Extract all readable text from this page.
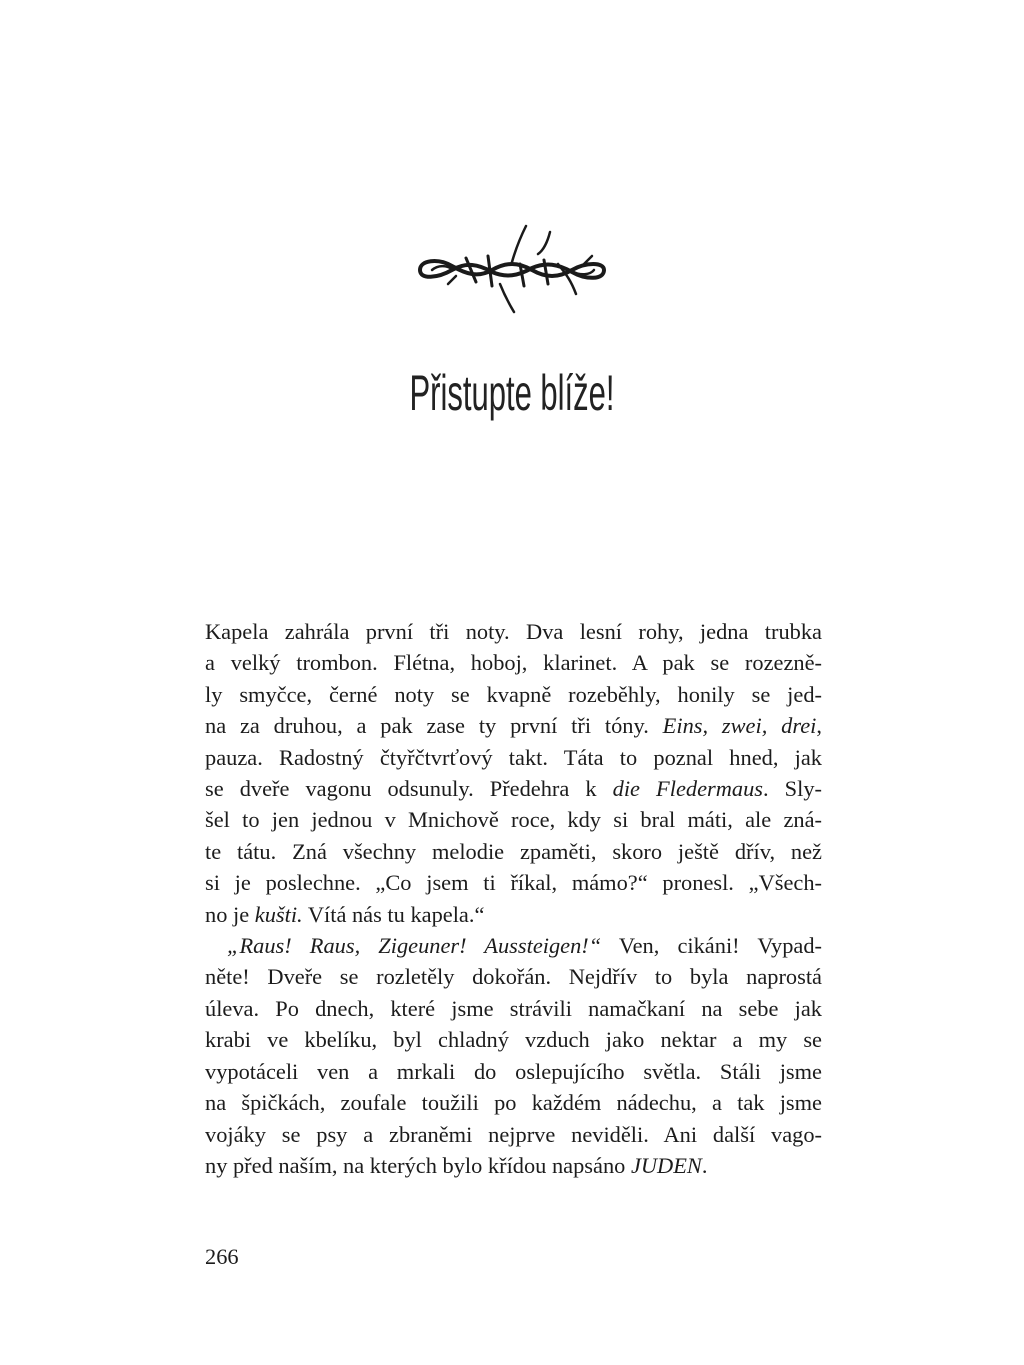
Přistupte blíže!
Kapela zahrála první tři noty. Dva lesní rohy, jedna trubka
a velký trombon. Flétna, hoboj, klarinet. A pak se rozezně-
ly smyčce, černé noty se kvapně rozeběhly, honily se jed-
na za druhou, a pak zase ty první tři tóny. Eins, zwei, drei,
pauza. Radostný čtyřčtvrťový takt. Táta to poznal hned, jak
se dveře vagonu odsunuly. Předehra k die Fledermaus. Sly-
šel to jen jednou v Mnichově roce, kdy si bral máti, ale zná-
te tátu. Zná všechny melodie zpaměti, skoro ještě dřív, než
si je poslechne. „Co jsem ti říkal, mámo?“ pronesl. „Všech-
no je kušti. Vítá nás tu kapela.“
„Raus! Raus, Zigeuner! Aussteigen!“ Ven, cikáni! Vypad-
něte! Dveře se rozletěly dokořán. Nejdřív to byla naprostá
úleva. Po dnech, které jsme strávili namačkaní na sebe jak
krabi ve kbelíku, byl chladný vzduch jako nektar a my se
vypotáceli ven a mrkali do oslepujícího světla. Stáli jsme
na špičkách, zoufale toužili po každém nádechu, a tak jsme
vojáky se psy a zbraněmi nejprve neviděli. Ani další vago-
ny před naším, na kterých bylo křídou napsáno JUDEN.
266
